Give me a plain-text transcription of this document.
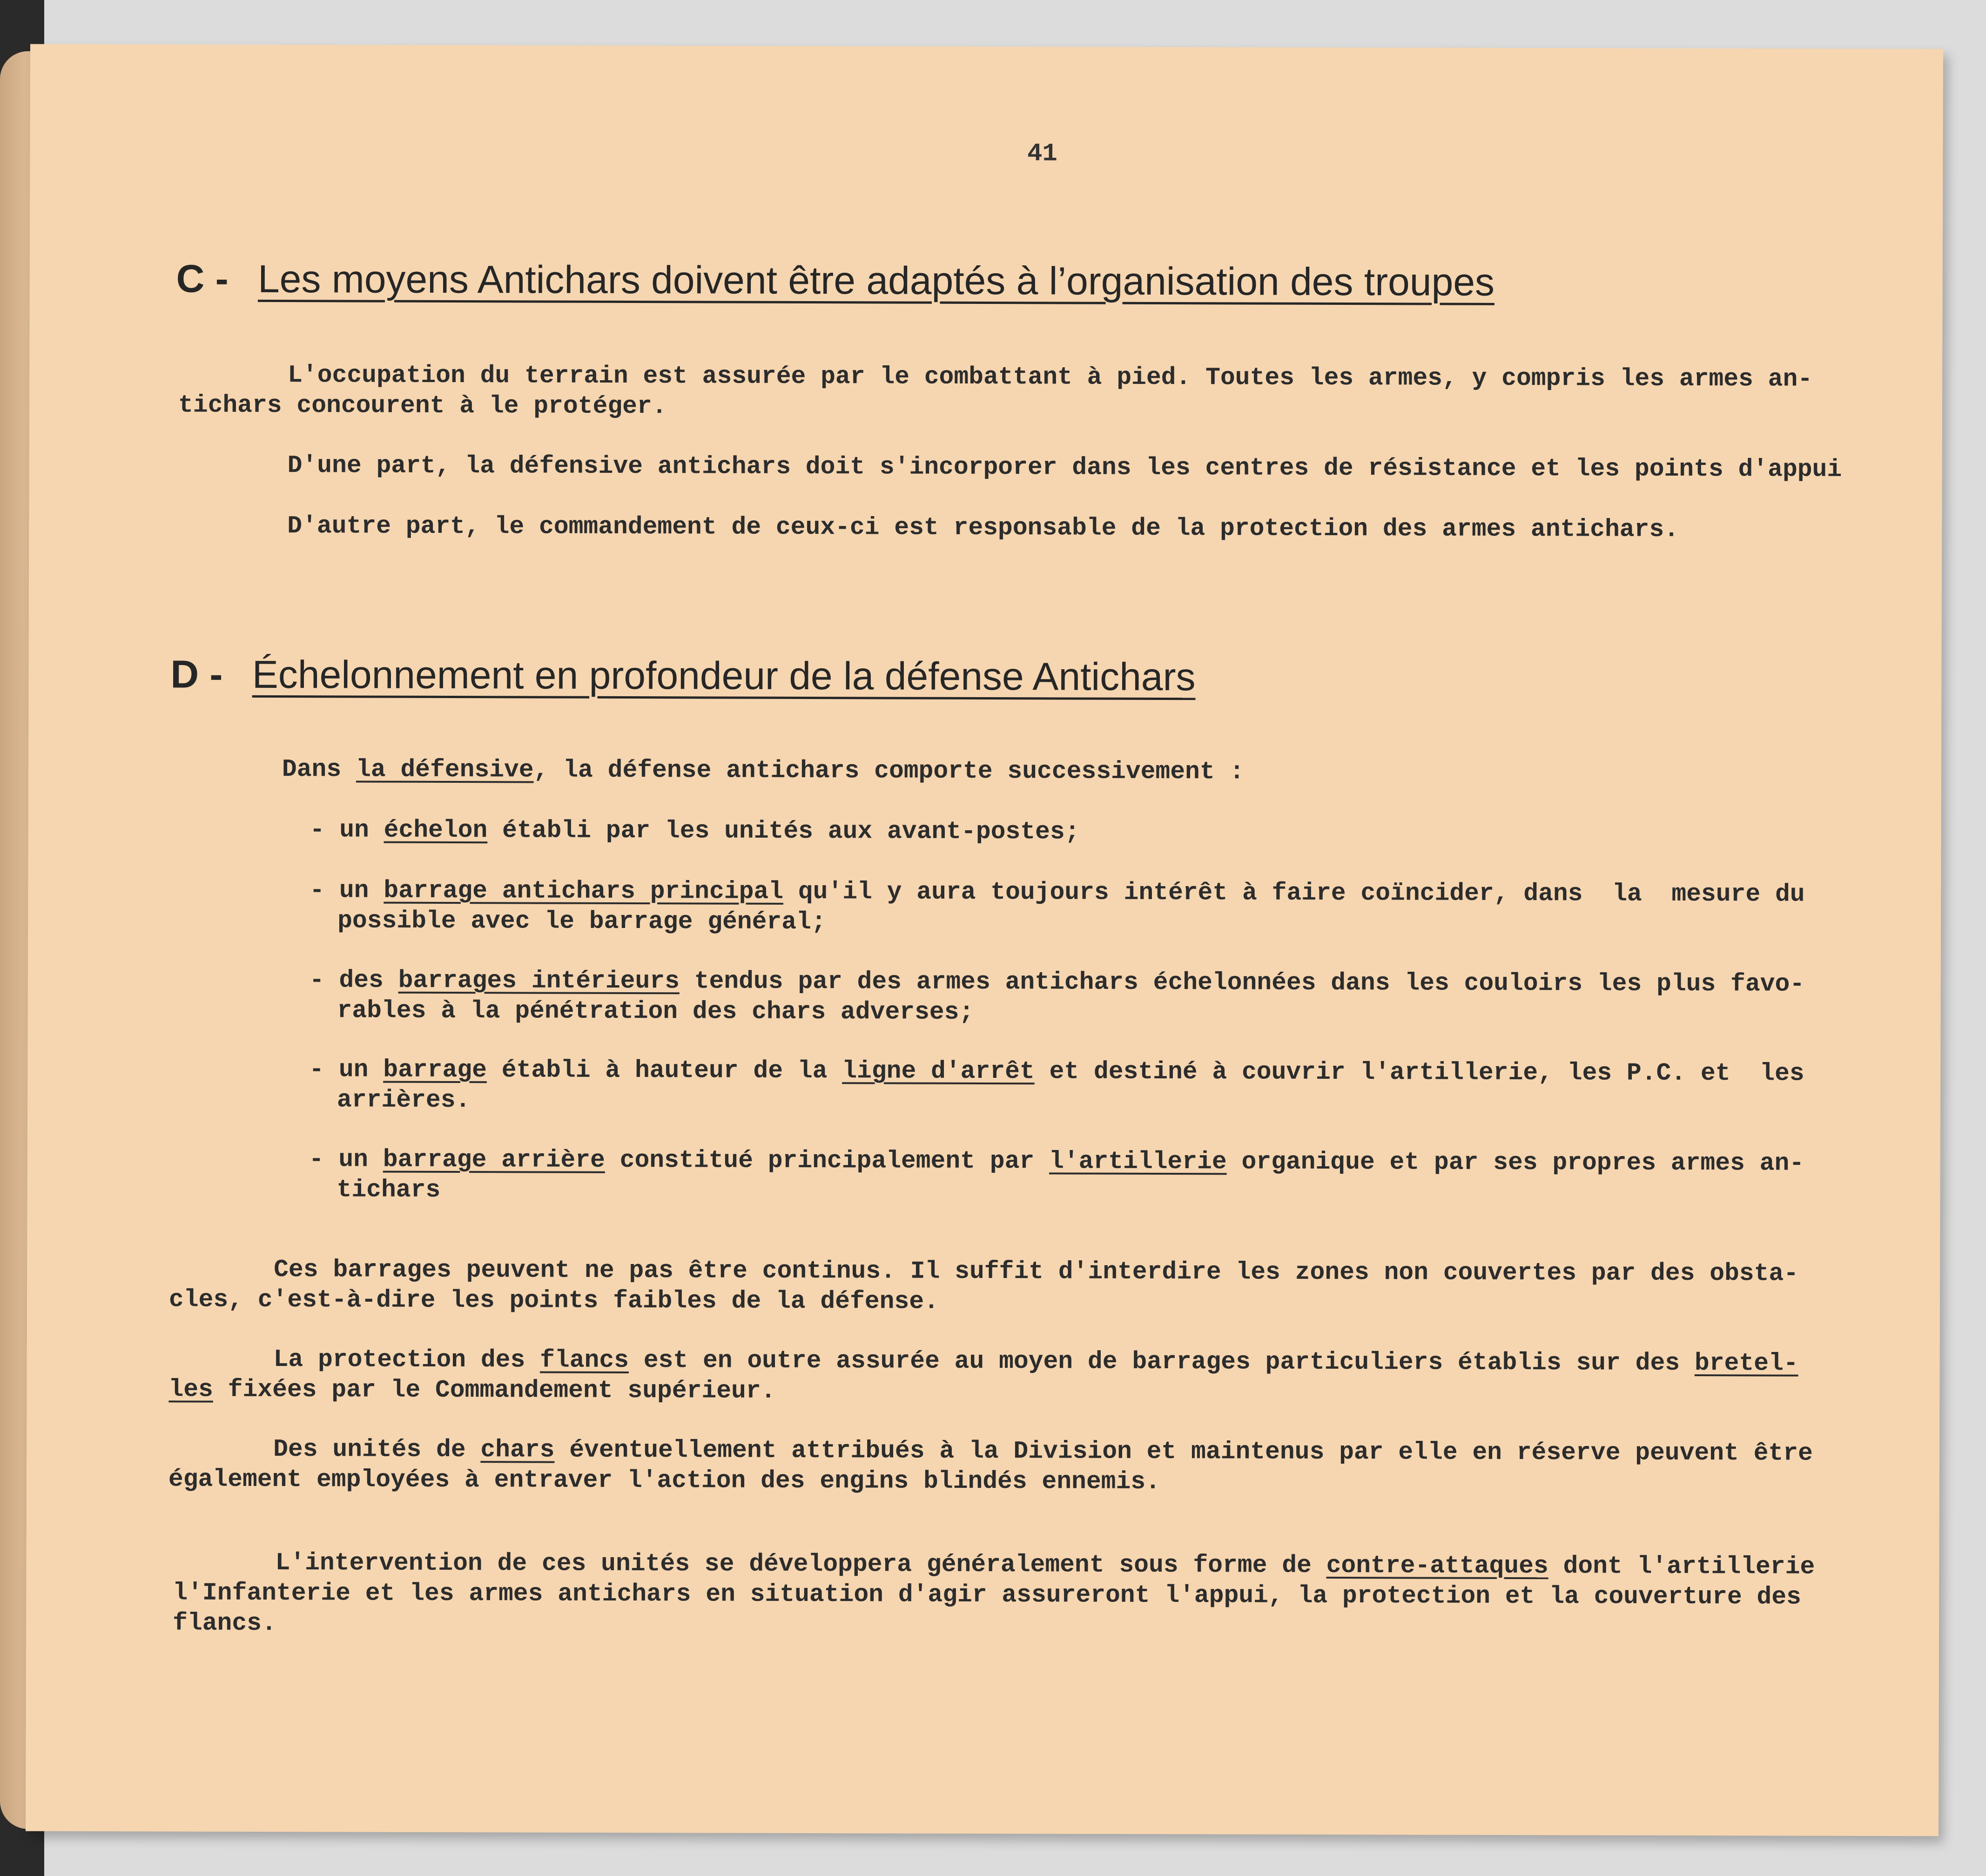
41
C - Les moyens Antichars doivent être adaptés à l’organisation des troupes
L'occupation du terrain est assurée par le combattant à pied. Toutes les armes, y compris les armes an-
tichars concourent à le protéger.
D'une part, la défensive antichars doit s'incorporer dans les centres de résistance et les points d'appui
D'autre part, le commandement de ceux-ci est responsable de la protection des armes antichars.
D - Échelonnement en profondeur de la défense Antichars
Dans la défensive, la défense antichars comporte successivement :
- un échelon établi par les unités aux avant-postes;
- un barrage antichars principal qu'il y aura toujours intérêt à faire coïncider, dans  la  mesure du
possible avec le barrage général;
- des barrages intérieurs tendus par des armes antichars échelonnées dans les couloirs les plus favo-
rables à la pénétration des chars adverses;
- un barrage établi à hauteur de la ligne d'arrêt et destiné à couvrir l'artillerie, les P.C. et  les
arrières.
- un barrage arrière constitué principalement par l'artillerie organique et par ses propres armes an-
tichars
Ces barrages peuvent ne pas être continus. Il suffit d'interdire les zones non couvertes par des obsta-
cles, c'est-à-dire les points faibles de la défense.
La protection des flancs est en outre assurée au moyen de barrages particuliers établis sur des bretel-
les fixées par le Commandement supérieur.
Des unités de chars éventuellement attribués à la Division et maintenus par elle en réserve peuvent être
également employées à entraver l'action des engins blindés ennemis.
L'intervention de ces unités se développera généralement sous forme de contre-attaques dont l'artillerie
l'Infanterie et les armes antichars en situation d'agir assureront l'appui, la protection et la couverture des
flancs.
